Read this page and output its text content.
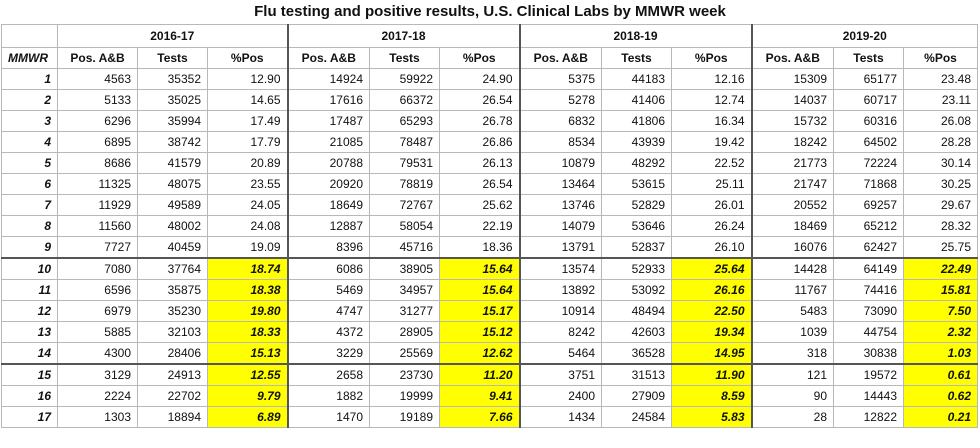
Flu testing and positive results, U.S. Clinical Labs by MMWR week
	2016-17			2017-18			2018-19			2019-20		
MMWR	Pos. A&B	Tests	%Pos	Pos. A&B	Tests	%Pos	Pos. A&B	Tests	%Pos	Pos. A&B	Tests	%Pos
1	4563	35352	12.90	14924	59922	24.90	5375	44183	12.16	15309	65177	23.48
2	5133	35025	14.65	17616	66372	26.54	5278	41406	12.74	14037	60717	23.11
3	6296	35994	17.49	17487	65293	26.78	6832	41806	16.34	15732	60316	26.08
4	6895	38742	17.79	21085	78487	26.86	8534	43939	19.42	18242	64502	28.28
5	8686	41579	20.89	20788	79531	26.13	10879	48292	22.52	21773	72224	30.14
6	11325	48075	23.55	20920	78819	26.54	13464	53615	25.11	21747	71868	30.25
7	11929	49589	24.05	18649	72767	25.62	13746	52829	26.01	20552	69257	29.67
8	11560	48002	24.08	12887	58054	22.19	14079	53646	26.24	18469	65212	28.32
9	7727	40459	19.09	8396	45716	18.36	13791	52837	26.10	16076	62427	25.75
10	7080	37764	18.74	6086	38905	15.64	13574	52933	25.64	14428	64149	22.49
11	6596	35875	18.38	5469	34957	15.64	13892	53092	26.16	11767	74416	15.81
12	6979	35230	19.80	4747	31277	15.17	10914	48494	22.50	5483	73090	7.50
13	5885	32103	18.33	4372	28905	15.12	8242	42603	19.34	1039	44754	2.32
14	4300	28406	15.13	3229	25569	12.62	5464	36528	14.95	318	30838	1.03
15	3129	24913	12.55	2658	23730	11.20	3751	31513	11.90	121	19572	0.61
16	2224	22702	9.79	1882	19999	9.41	2400	27909	8.59	90	14443	0.62
17	1303	18894	6.89	1470	19189	7.66	1434	24584	5.83	28	12822	0.21
